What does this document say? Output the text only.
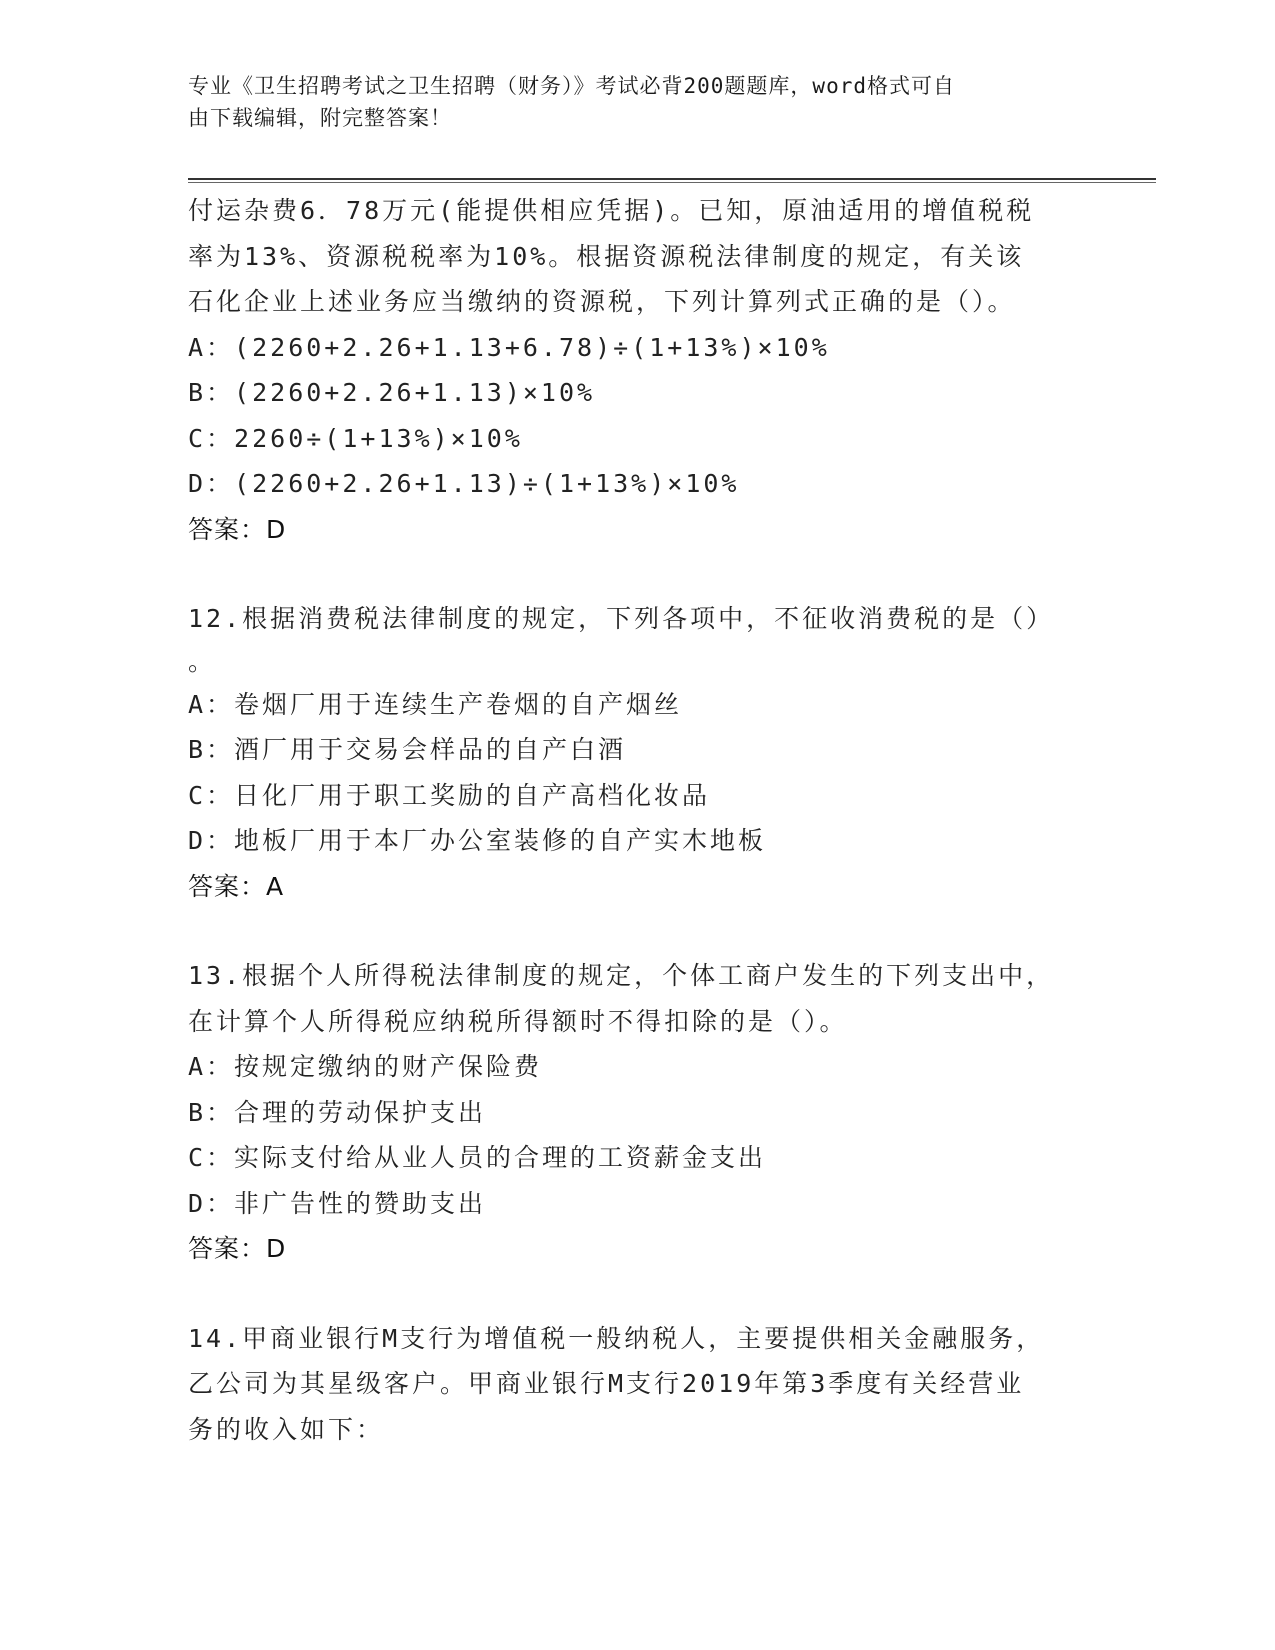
专业《卫生招聘考试之卫生招聘（财务）》考试必背200题题库，word格式可自
由下载编辑，附完整答案！
付运杂费6．78万元(能提供相应凭据)。已知，原油适用的增值税税
率为13%、资源税税率为10%。根据资源税法律制度的规定，有关该
石化企业上述业务应当缴纳的资源税，下列计算列式正确的是（）。
A：(2260+2.26+1.13+6.78)÷(1+13%)×10%
B：(2260+2.26+1.13)×10%
C：2260÷(1+13%)×10%
D：(2260+2.26+1.13)÷(1+13%)×10%
答案：D
12.根据消费税法律制度的规定，下列各项中，不征收消费税的是（）
。
A：卷烟厂用于连续生产卷烟的自产烟丝
B：酒厂用于交易会样品的自产白酒
C：日化厂用于职工奖励的自产高档化妆品
D：地板厂用于本厂办公室装修的自产实木地板
答案：A
13.根据个人所得税法律制度的规定，个体工商户发生的下列支出中，
在计算个人所得税应纳税所得额时不得扣除的是（）。
A：按规定缴纳的财产保险费
B：合理的劳动保护支出
C：实际支付给从业人员的合理的工资薪金支出
D：非广告性的赞助支出
答案：D
14.甲商业银行M支行为增值税一般纳税人，主要提供相关金融服务，
乙公司为其星级客户。甲商业银行M支行2019年第3季度有关经营业
务的收入如下：
